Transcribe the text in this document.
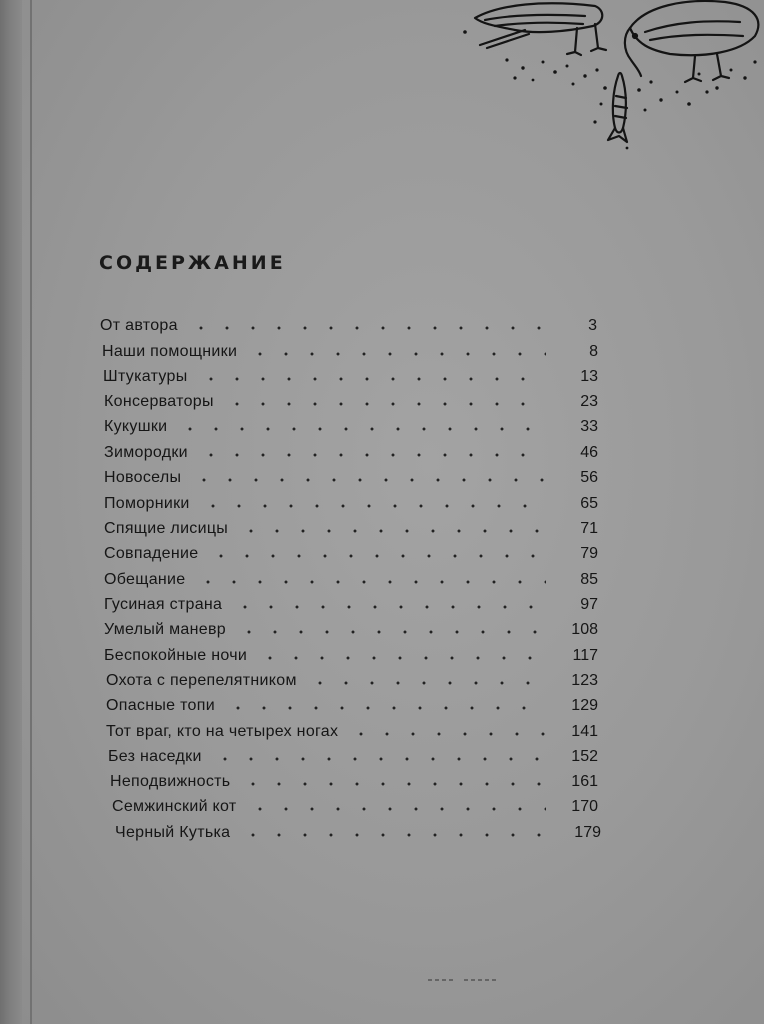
СОДЕРЖАНИЕ
От автора	3
Наши помощники	8
Штукатуры	13
Консерваторы	23
Кукушки	33
Зимородки	46
Новоселы	56
Поморники	65
Спящие лисицы	71
Совпадение	79
Обещание	85
Гусиная страна	97
Умелый маневр	108
Беспокойные ночи	117
Охота с перепелятником	123
Опасные топи	129
Тот враг, кто на четырех ногах	141
Без наседки	152
Неподвижность	161
Семжинский кот	170
Черный Кутька	179
